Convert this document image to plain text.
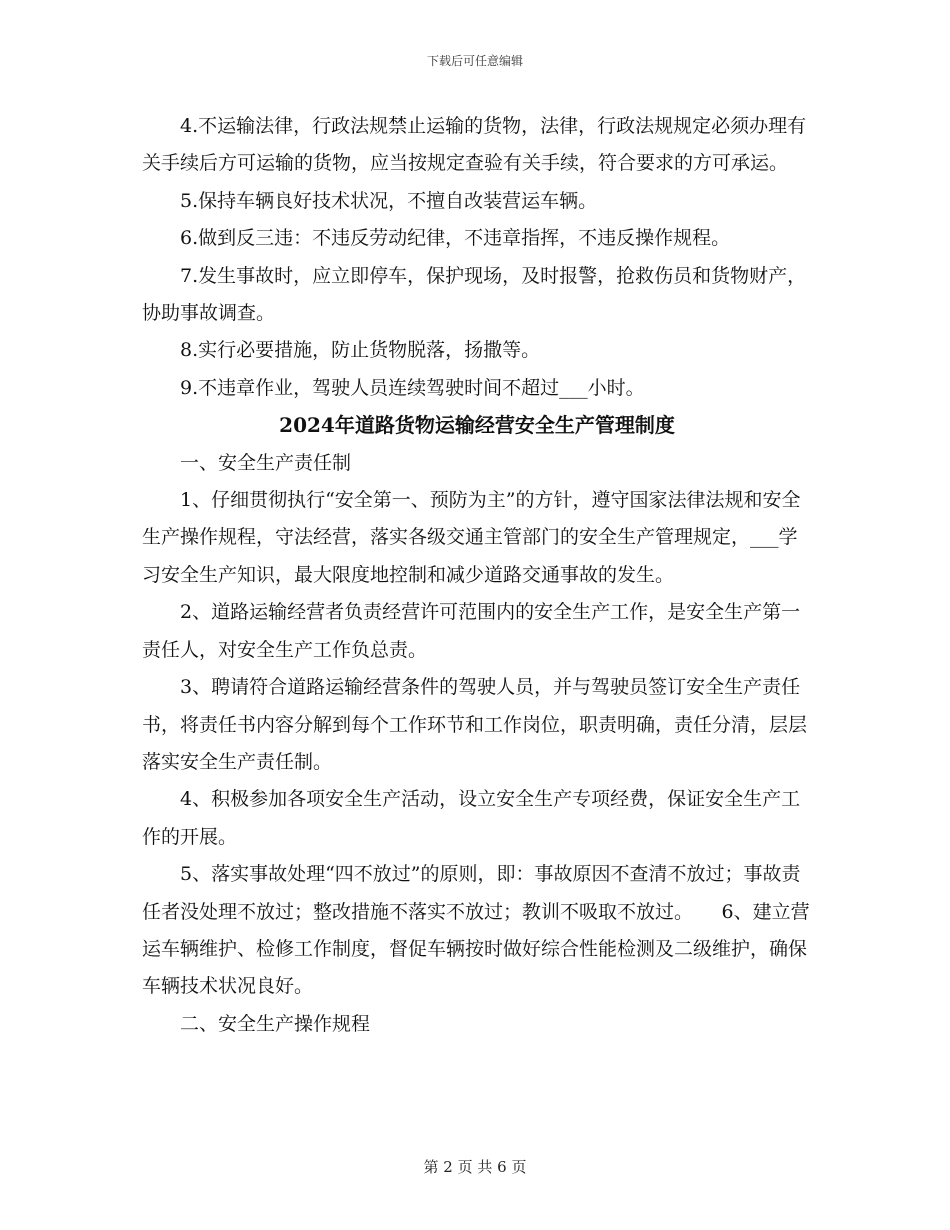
下载后可任意编辑

4.不运输法律，行政法规禁止运输的货物，法律，行政法规规定必须办理有关手续后方可运输的货物，应当按规定查验有关手续，符合要求的方可承运。

5.保持车辆良好技术状况，不擅自改装营运车辆。

6.做到反三违：不违反劳动纪律，不违章指挥，不违反操作规程。

7.发生事故时，应立即停车，保护现场，及时报警，抢救伤员和货物财产，协助事故调查。

8.实行必要措施，防止货物脱落，扬撒等。

9.不违章作业，驾驶人员连续驾驶时间不超过___小时。

2024年道路货物运输经营安全生产管理制度

一、安全生产责任制

1、仔细贯彻执行“安全第一、预防为主”的方针，遵守国家法律法规和安全生产操作规程，守法经营，落实各级交通主管部门的安全生产管理规定，___学习安全生产知识，最大限度地控制和减少道路交通事故的发生。

2、道路运输经营者负责经营许可范围内的安全生产工作，是安全生产第一责任人，对安全生产工作负总责。

3、聘请符合道路运输经营条件的驾驶人员，并与驾驶员签订安全生产责任书，将责任书内容分解到每个工作环节和工作岗位，职责明确，责任分清，层层落实安全生产责任制。

4、积极参加各项安全生产活动，设立安全生产专项经费，保证安全生产工作的开展。

5、落实事故处理“四不放过”的原则，即：事故原因不查清不放过；事故责任者没处理不放过；整改措施不落实不放过；教训不吸取不放过。　　6、建立营运车辆维护、检修工作制度，督促车辆按时做好综合性能检测及二级维护，确保车辆技术状况良好。

二、安全生产操作规程

第 2 页 共 6 页
